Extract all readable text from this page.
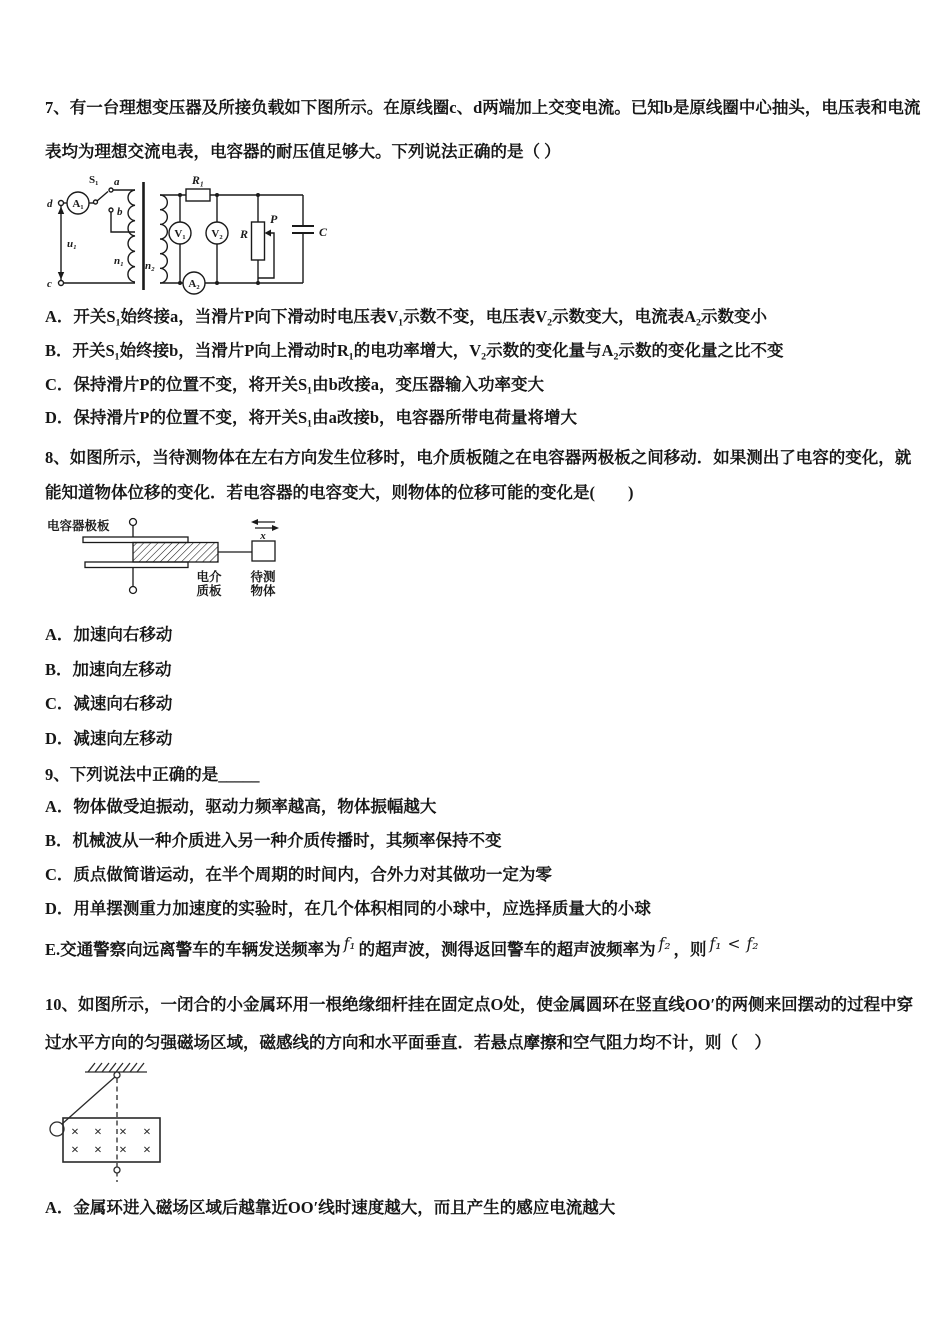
7、有一台理想变压器及所接负载如下图所示。在原线圈c、d两端加上交变电流。已知b是原线圈中心抽头，电压表和电流表均为理想交流电表，电容器的耐压值足够大。下列说法正确的是（ ）

d
c
S₁ a
b
u₁
n₁ n₂
A₁
A₂
V₁ V₂
R₁
R
P
C

A．开关S₁始终接a，当滑片P向下滑动时电压表V₁示数不变，电压表V₂示数变大，电流表A₂示数变小

B．开关S₁始终接b，当滑片P向上滑动时R₁的电功率增大，V₂示数的变化量与A₂示数的变化量之比不变

C．保持滑片P的位置不变，将开关S₁由b改接a，变压器输入功率变大

D．保持滑片P的位置不变，将开关S₁由a改接b，电容器所带电荷量将增大

8、如图所示，当待测物体在左右方向发生位移时，电介质板随之在电容器两极板之间移动．如果测出了电容的变化，就能知道物体位移的变化．若电容器的电容变大，则物体的位移可能的变化是(　　)

电容器极板
x
电介
质板
待测
物体

A．加速向右移动

B．加速向左移动

C．减速向右移动

D．减速向左移动

9、下列说法中正确的是_____

A．物体做受迫振动，驱动力频率越高，物体振幅越大

B．机械波从一种介质进入另一种介质传播时，其频率保持不变

C．质点做简谐运动，在半个周期的时间内，合外力对其做功一定为零

D．用单摆测重力加速度的实验时，在几个体积相同的小球中，应选择质量大的小球

E.交通警察向远离警车的车辆发送频率为 f₁ 的超声波，测得返回警车的超声波频率为 f₂ ，则 f₁ < f₂

10、如图所示，一闭合的小金属环用一根绝缘细杆挂在固定点O处，使金属圆环在竖直线OO′的两侧来回摆动的过程中穿过水平方向的匀强磁场区域，磁感线的方向和水平面垂直．若悬点摩擦和空气阻力均不计，则（　）

× × × ×
× × × ×

A．金属环进入磁场区域后越靠近OO′线时速度越大，而且产生的感应电流越大
